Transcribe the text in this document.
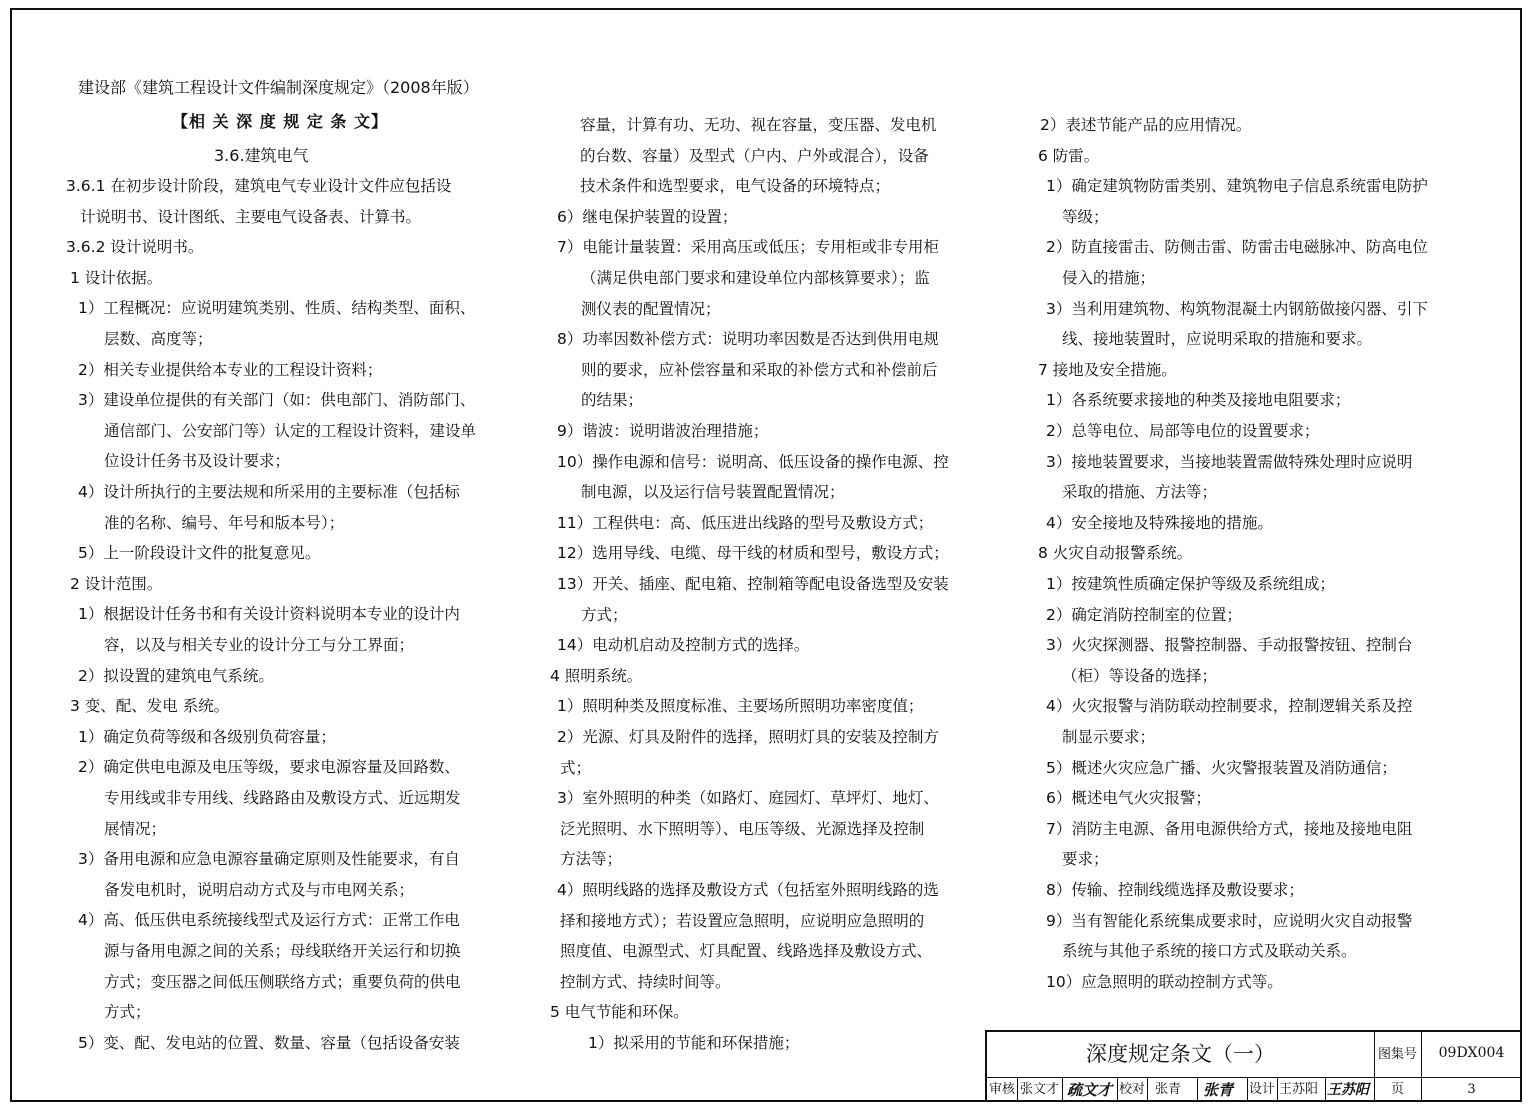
建设部《建筑工程设计文件编制深度规定》（2008年版）
【相 关 深 度 规 定 条 文】
3.6.建筑电气
3.6.1 在初步设计阶段，建筑电气专业设计文件应包括设
计说明书、设计图纸、主要电气设备表、计算书。
3.6.2 设计说明书。
1 设计依据。
1）工程概况：应说明建筑类别、性质、结构类型、面积、
层数、高度等；
2）相关专业提供给本专业的工程设计资料；
3）建设单位提供的有关部门（如：供电部门、消防部门、
通信部门、公安部门等）认定的工程设计资料，建设单
位设计任务书及设计要求；
4）设计所执行的主要法规和所采用的主要标准（包括标
准的名称、编号、年号和版本号）；
5）上一阶段设计文件的批复意见。
2 设计范围。
1）根据设计任务书和有关设计资料说明本专业的设计内
容，以及与相关专业的设计分工与分工界面；
2）拟设置的建筑电气系统。
3 变、配、发电 系统。
1）确定负荷等级和各级别负荷容量；
2）确定供电电源及电压等级，要求电源容量及回路数、
专用线或非专用线、线路路由及敷设方式、近远期发
展情况；
3）备用电源和应急电源容量确定原则及性能要求，有自
备发电机时，说明启动方式及与市电网关系；
4）高、低压供电系统接线型式及运行方式：正常工作电
源与备用电源之间的关系；母线联络开关运行和切换
方式；变压器之间低压侧联络方式；重要负荷的供电
方式；
5）变、配、发电站的位置、数量、容量（包括设备安装
容量，计算有功、无功、视在容量，变压器、发电机
的台数、容量）及型式（户内、户外或混合），设备
技术条件和选型要求，电气设备的环境特点；
6）继电保护装置的设置；
7）电能计量装置：采用高压或低压；专用柜或非专用柜
（满足供电部门要求和建设单位内部核算要求）；监
测仪表的配置情况；
8）功率因数补偿方式：说明功率因数是否达到供用电规
则的要求，应补偿容量和采取的补偿方式和补偿前后
的结果；
9）谐波：说明谐波治理措施；
10）操作电源和信号：说明高、低压设备的操作电源、控
制电源，以及运行信号装置配置情况；
11）工程供电：高、低压进出线路的型号及敷设方式；
12）选用导线、电缆、母干线的材质和型号，敷设方式；
13）开关、插座、配电箱、控制箱等配电设备选型及安装
方式；
14）电动机启动及控制方式的选择。
4 照明系统。
1）照明种类及照度标准、主要场所照明功率密度值；
2）光源、灯具及附件的选择，照明灯具的安装及控制方
式；
3）室外照明的种类（如路灯、庭园灯、草坪灯、地灯、
泛光照明、水下照明等）、电压等级、光源选择及控制
方法等；
4）照明线路的选择及敷设方式（包括室外照明线路的选
择和接地方式）；若设置应急照明，应说明应急照明的
照度值、电源型式、灯具配置、线路选择及敷设方式、
控制方式、持续时间等。
5 电气节能和环保。
1）拟采用的节能和环保措施；
2）表述节能产品的应用情况。
6 防雷。
1）确定建筑物防雷类别、建筑物电子信息系统雷电防护
等级；
2）防直接雷击、防侧击雷、防雷击电磁脉冲、防高电位
侵入的措施；
3）当利用建筑物、构筑物混凝土内钢筋做接闪器、引下
线、接地装置时，应说明采取的措施和要求。
7 接地及安全措施。
1）各系统要求接地的种类及接地电阻要求；
2）总等电位、局部等电位的设置要求；
3）接地装置要求，当接地装置需做特殊处理时应说明
采取的措施、方法等；
4）安全接地及特殊接地的措施。
8 火灾自动报警系统。
1）按建筑性质确定保护等级及系统组成；
2）确定消防控制室的位置；
3）火灾探测器、报警控制器、手动报警按钮、控制台
（柜）等设备的选择；
4）火灾报警与消防联动控制要求，控制逻辑关系及控
制显示要求；
5）概述火灾应急广播、火灾警报装置及消防通信；
6）概述电气火灾报警；
7）消防主电源、备用电源供给方式，接地及接地电阻
要求；
8）传输、控制线缆选择及敷设要求；
9）当有智能化系统集成要求时，应说明火灾自动报警
系统与其他子系统的接口方式及联动关系。
10）应急照明的联动控制方式等。
深度规定条文（一）	图集号	09DX004
审核 张文才 疏文才 校对 张青 张青 设计 王苏阳 王苏阳	页	3
